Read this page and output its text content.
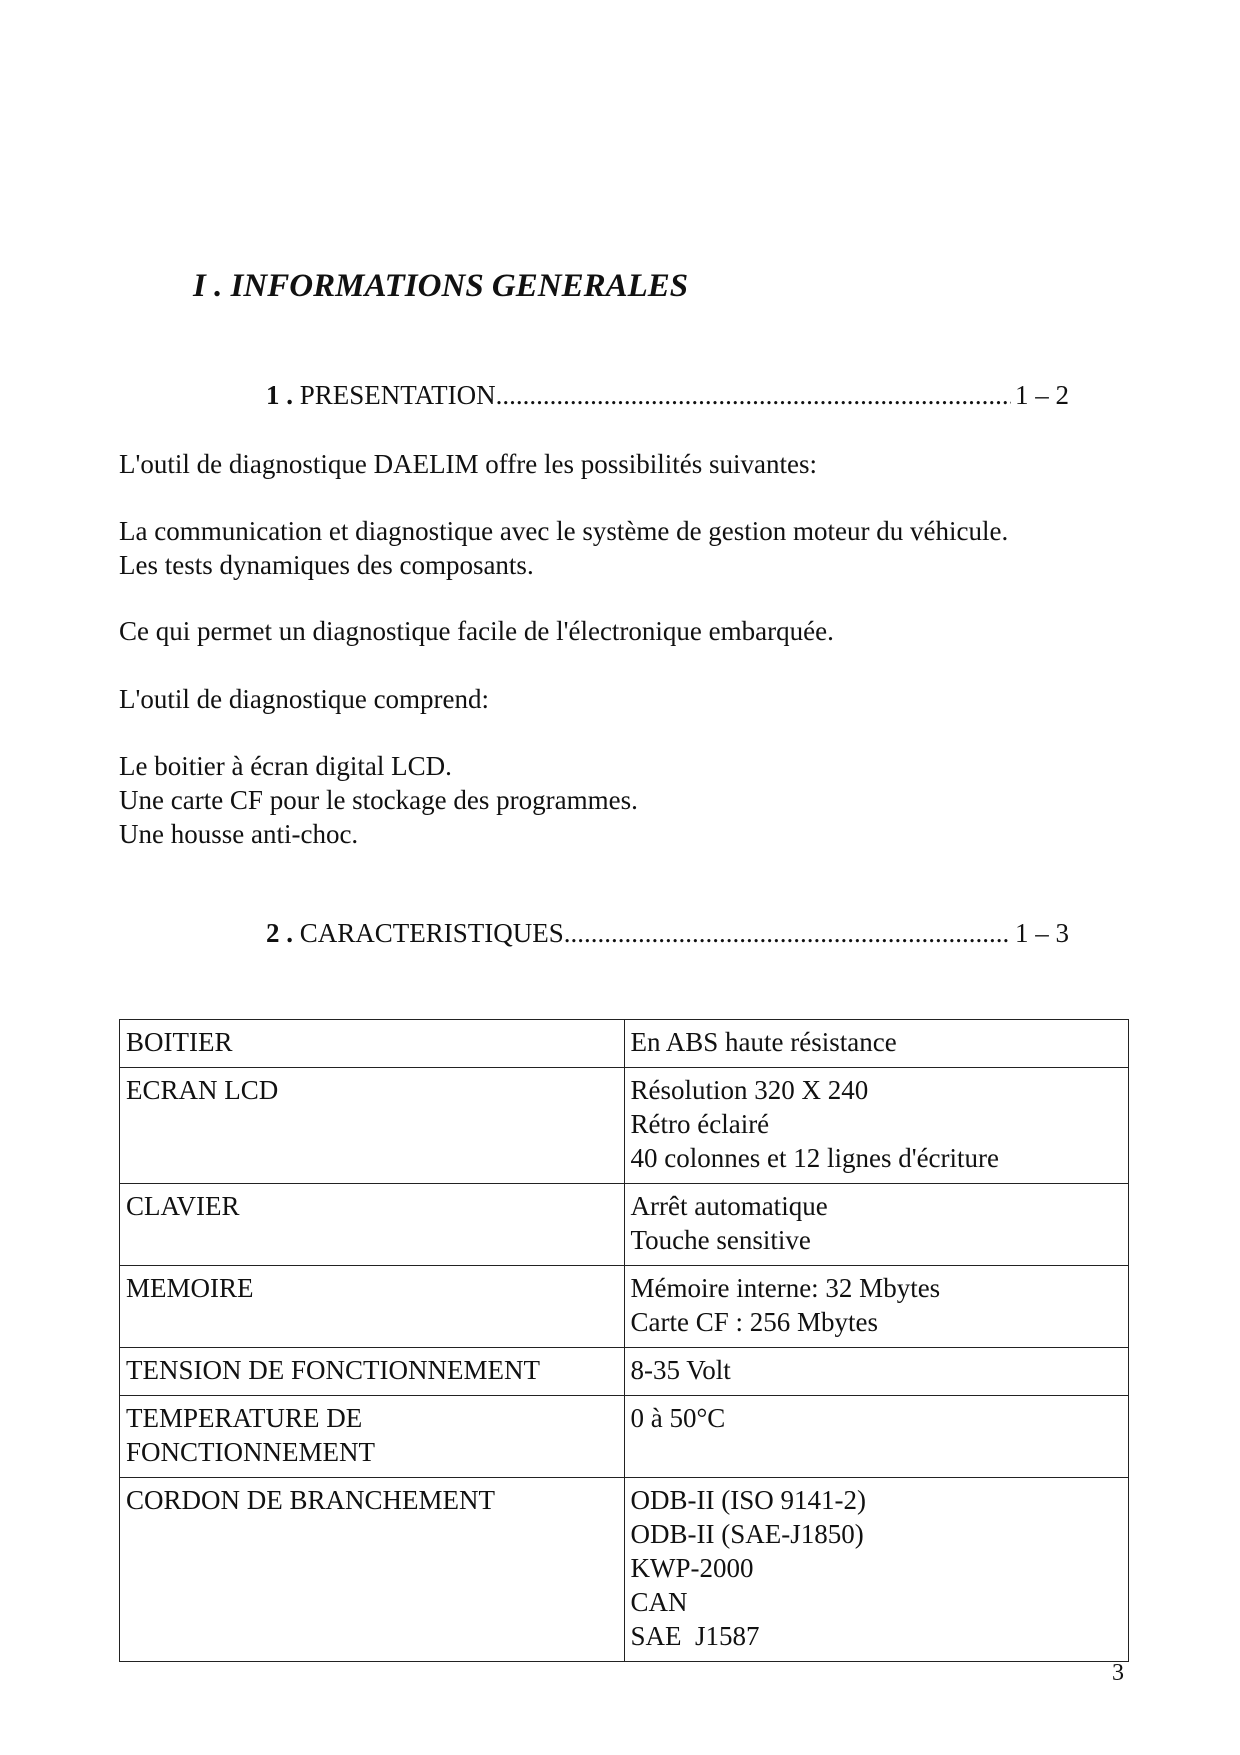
I . INFORMATIONS GENERALES
1 .
PRESENTATION .....	1 – 2

L'outil de diagnostique DAELIM offre les possibilités suivantes:

La communication et diagnostique avec le système de gestion moteur du véhicule.
Les tests dynamiques des composants.

Ce qui permet un diagnostique facile de l'électronique embarquée.

L'outil de diagnostique comprend:

Le boitier à écran digital LCD.
Une carte CF pour le stockage des programmes.
Une housse anti-choc.
2 .
CARACTERISTIQUES .....	1 – 3
BOITIER	En ABS haute résistance

ECRAN LCD	Résolution 320 X 240
Rétro éclairé
40 colonnes et 12 lignes d'écriture

CLAVIER	Arrêt automatique
Touche sensitive

MEMOIRE	Mémoire interne: 32 Mbytes
Carte CF : 256 Mbytes

TENSION DE FONCTIONNEMENT	8-35 Volt

TEMPERATURE DE
FONCTIONNEMENT	0 à 50°C

CORDON DE BRANCHEMENT	ODB-II (ISO 9141-2)
ODB-II (SAE-J1850)
KWP-2000
CAN
SAE  J1587
3
